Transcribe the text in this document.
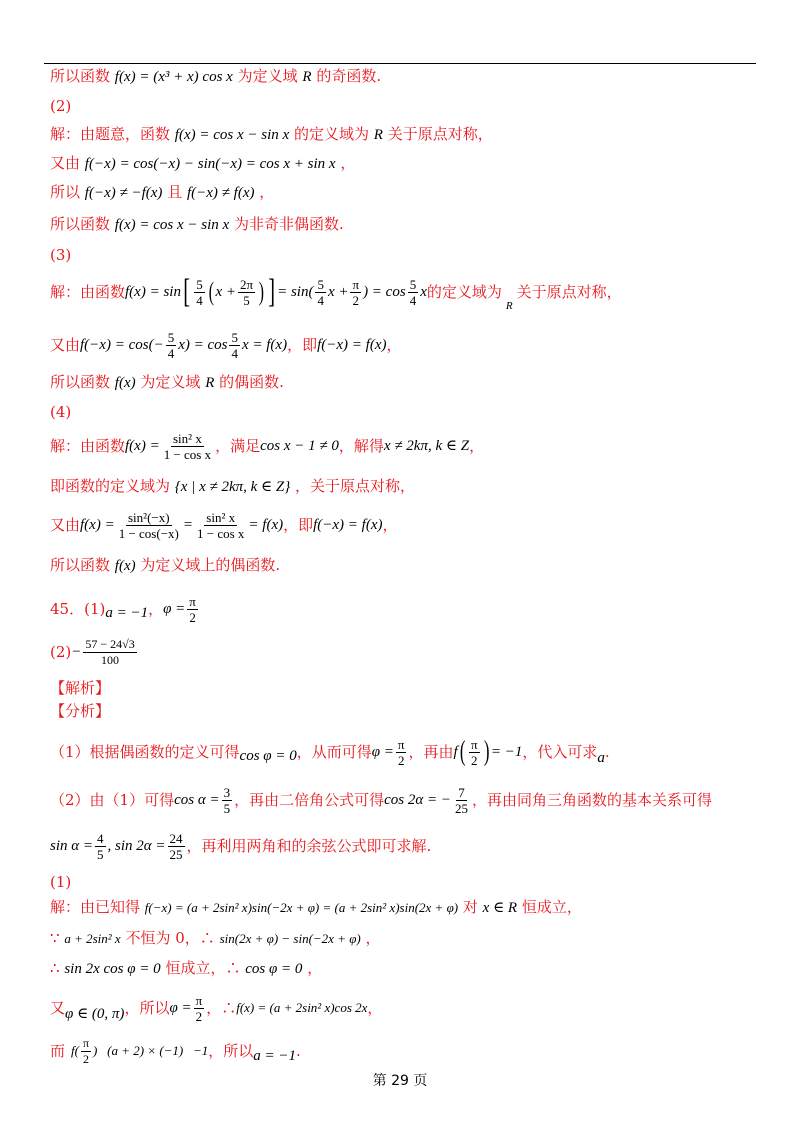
所以函数 f(x) = (x³ + x) cos x 为定义域 R 的奇函数.
(2)
解：由题意，函数 f(x) = cos x − sin x 的定义域为 R 关于原点对称，
又由 f(−x) = cos(−x) − sin(−x) = cos x + sin x ，
所以 f(−x) ≠ −f(x) 且 f(−x) ≠ f(x) ，
所以函数 f(x) = cos x − sin x 为非奇非偶函数.
(3)
解：由函数 f(x) = sin [ $\frac{5}{4}$ ( $x + \frac{2\pi}{5}$ ) ] = $\sin( \frac{5}{4}$ $x + \frac{\pi}{2}$ ) = $\cos \frac{5}{4}$ x 的定义域为
R
关于原点对称，
又由 $f(-x) = \cos(- \frac{5}{4} x) = \cos \frac{5}{4}$ x = f(x) ，即 f(−x) = f(x) ，
所以函数 f(x) 为定义域 R 的偶函数.
(4)
解：由函数 $f(x) = \frac{\text{sin² x}}{\text{1 − cos x}}$ ，满足 cos x − 1 ≠ 0 ，解得 x ≠ 2kπ, k ∈ Z ，
即函数的定义域为 {x | x ≠ 2kπ, k ∈ Z} ，关于原点对称，
又由 $f(x) = \frac{\text{sin²(−x)}}{1 - \cos(-x)} = \frac{\text{sin² x}}{\text{1 − cos x}} = f(x)$ ，即 f(−x) = f(x) ，
所以函数 f(x) 为定义域上的偶函数.
45．(1) a = −1 ， $\varphi = \frac{\pi}{2}$
$(2) - \frac{57 - 24√3}{100}$
【解析】
【分析】
（1）根据偶函数的定义可得 cos φ = 0 ，从而可得 $\varphi = \frac{\pi}{2}$ ，再由 f ( $\frac{\pi}{2}$ ) = −1 ，代入可求 a .
（2）由（1）可得 $\cos \alpha = \frac{3}{5}$ ，再由二倍角公式可得 cos 2α = − $\frac{7}{25}$ ，再由同角三角函数的基本关系可得
$\sin \alpha = \frac{4}{5}$ , $\sin 2\alpha = \frac{24}{25}$ ，再利用两角和的余弦公式即可求解.
(1)
解：由已知得 f(−x) = (a + 2sin² x)sin(−2x + φ) = (a + 2sin² x)sin(2x + φ) 对 x ∈ R 恒成立，
∵ a + 2sin² x 不恒为 0，∴ sin(2x + φ) − sin(−2x + φ) ，
∴ sin 2x cos φ = 0 恒成立，∴ cos φ = 0 ，
又 φ ∈ (0, π) ，所以 $\varphi = \frac{\pi}{2}$ ，∴ f(x) = (a + 2sin² x)cos 2x ，
而 $f( \frac{\pi}{2}$ )   (a + 2) × (−1)   −1 ，所以 a = −1 .
第 29 页
